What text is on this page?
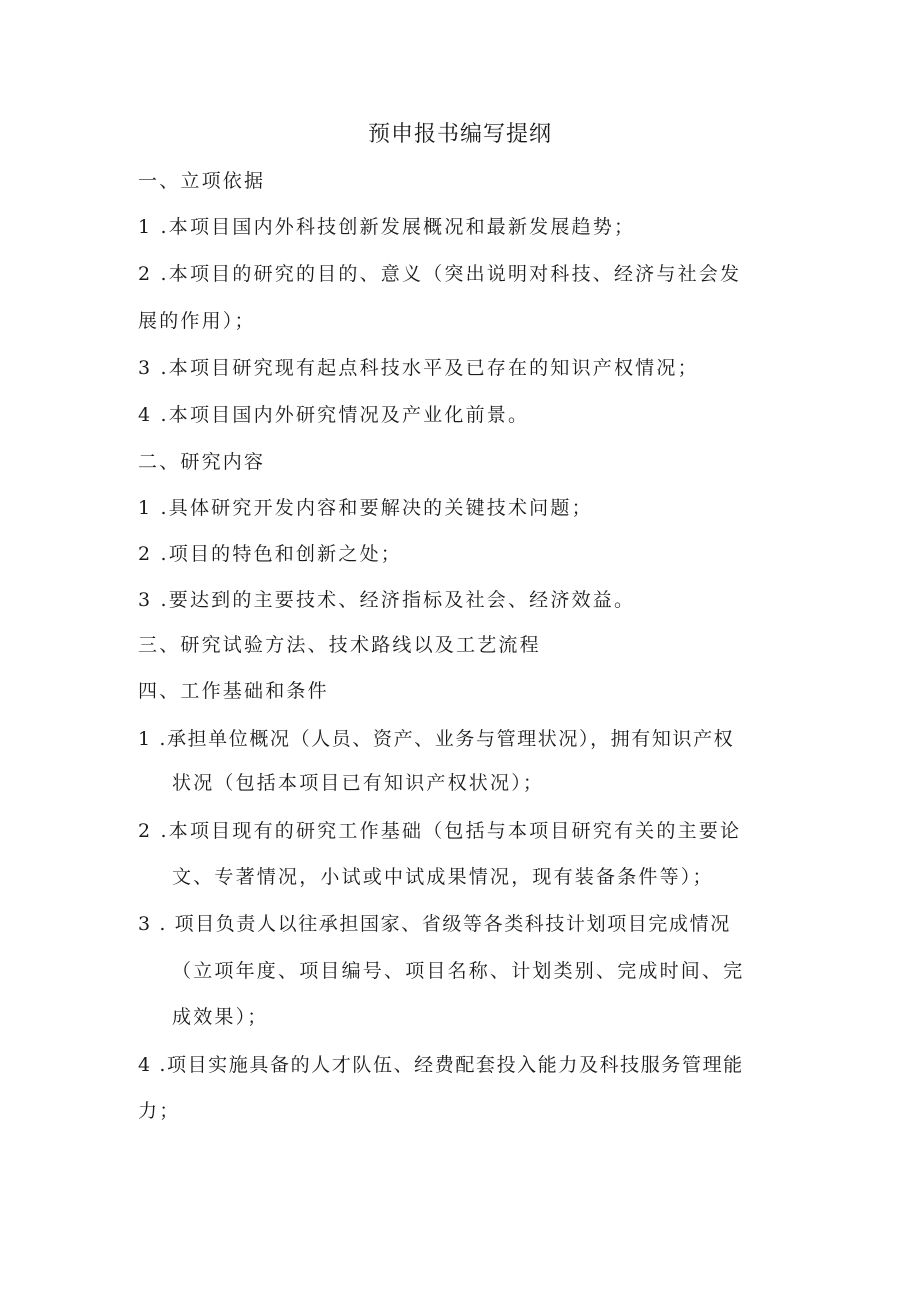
预申报书编写提纲
一、立项依据
1 .本项目国内外科技创新发展概况和最新发展趋势；
2 .本项目的研究的目的、意义（突出说明对科技、经济与社会发
展的作用）；
3 .本项目研究现有起点科技水平及已存在的知识产权情况；
4 .本项目国内外研究情况及产业化前景。
二、研究内容
1 .具体研究开发内容和要解决的关键技术问题；
2 .项目的特色和创新之处；
3 .要达到的主要技术、经济指标及社会、经济效益。
三、研究试验方法、技术路线以及工艺流程
四、工作基础和条件
1 .承担单位概况（人员、资产、业务与管理状况），拥有知识产权
状况（包括本项目已有知识产权状况）；
2 .本项目现有的研究工作基础（包括与本项目研究有关的主要论
文、专著情况，小试或中试成果情况，现有装备条件等）；
3 . 项目负责人以往承担国家、省级等各类科技计划项目完成情况
（立项年度、项目编号、项目名称、计划类别、完成时间、完
成效果）；
4 .项目实施具备的人才队伍、经费配套投入能力及科技服务管理能
力；
